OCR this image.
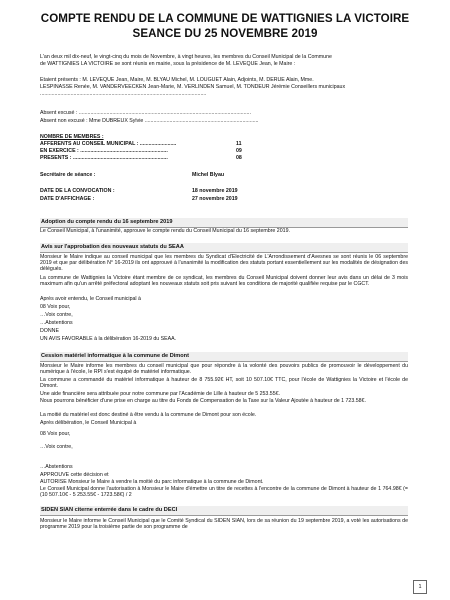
COMPTE RENDU DE LA COMMUNE DE WATTIGNIES LA VICTOIRE
SEANCE DU 25 NOVEMBRE 2019
L'an deux mil dix-neuf, le vingt-cinq du mois de Novembre, à vingt heures, les membres du Conseil Municipal de la Commune
de WATTIGNIES LA VICTOIRE se sont réunis en mairie, sous la présidence de M. LEVEQUE Jean, le Maire :
Etaient présents : M. LEVEQUE Jean, Maire, M. BLYAU Michel, M. LOUGUET Alain, Adjoints, M. DERUE Alain, Mme.
LESPINASSE Renée, M. VANDERVEECKEN Jean-Marie, M. VERLINDEN Samuel, M. TONDEUR Jérémie Conseillers municipaux
..................................................................................................................
Absent excusé : ......................................................................................................................
Absent non excusé : Mme DUBREUX Sylvie ..............................................................................
NOMBRE DE MEMBRES :
AFFERENTS AU CONSEIL MUNICIPAL : .........................	11
EN EXERCICE : ............................................................	09
PRESENTS : .................................................................	08
Secrétaire de séance :	Michel Blyau
DATE DE LA CONVOCATION :	18 novembre 2019
DATE D'AFFICHAGE :	27 novembre 2019
Adoption du compte rendu du 16 septembre 2019
Le Conseil Municipal, à l'unanimité, approuve le compte rendu du Conseil Municipal du 16 septembre 2019.
Avis sur l'approbation des nouveaux statuts du SEAA
Monsieur le Maire indique au conseil municipal que les membres du Syndicat d'Electricité de L'Arrondissement d'Avesnes se sont réunis le 06 septembre 2019 et que par délibération N° 16-2019 ils ont approuvé à l'unanimité la modification des statuts portant essentiellement sur les modalités de désignation des délégués.
La commune de Wattignies la Victoire étant membre de ce syndicat, les membres du Conseil Municipal doivent donner leur avis dans un délai de 3 mois maximum afin qu'un arrêté préfectoral adoptant les nouveaux statuts soit pris suivant les conditions de majorité qualifiée requise par le CGCT.
Après avoir entendu, le Conseil municipal à
08 Voix pour,
…Voix contre,
…Abstentions
DONNE
UN AVIS FAVORABLE à la délibération 16-2019 du SEAA.
Cession matériel informatique à la commune de Dimont
Monsieur le Maire informe les membres du conseil municipal que pour répondre à la volonté des pouvoirs publics de promouvoir le développement du numérique à l'école, le RPI s'est équipé de matériel informatique.
La commune a commandé du matériel informatique à hauteur de 8 755.92€ HT, soit 10 507.10€ TTC, pour l'école de Wattignies la Victoire et l'école de Dimont.
Une aide financière sera attribuée pour notre commune par l'Académie de Lille à hauteur de 5 253.55€.
Nous pourrons bénéficier d'une prise en charge au titre du Fonds de Compensation de la Taxe sur la Valeur Ajoutée à hauteur de 1 723.58€.
La moitié du matériel est donc destiné à être vendu à la commune de Dimont pour son école.
Après délibération, le Conseil Municipal à
08 Voix pour,
…Voix contre,
…Abstentions
APPROUVE cette décision et
AUTORISE Monsieur le Maire à vendre la moitié du parc informatique à la commune de Dimont.
Le Conseil Municipal donne l'autorisation à Monsieur le Maire d'émettre un titre de recettes à l'encontre de la commune de Dimont à hauteur de 1 764.98€ (= (10 507.10€ - 5 253.55€ - 1723.58€) / 2
SIDEN SIAN citerne enterrée dans le cadre du DECI
Monsieur le Maire informe le Conseil Municipal que le Comité Syndical du SIDEN SIAN, lors de sa réunion du 19 septembre 2019, a voté les autorisations de programme 2019 pour la troisième partie de son programme de
1
